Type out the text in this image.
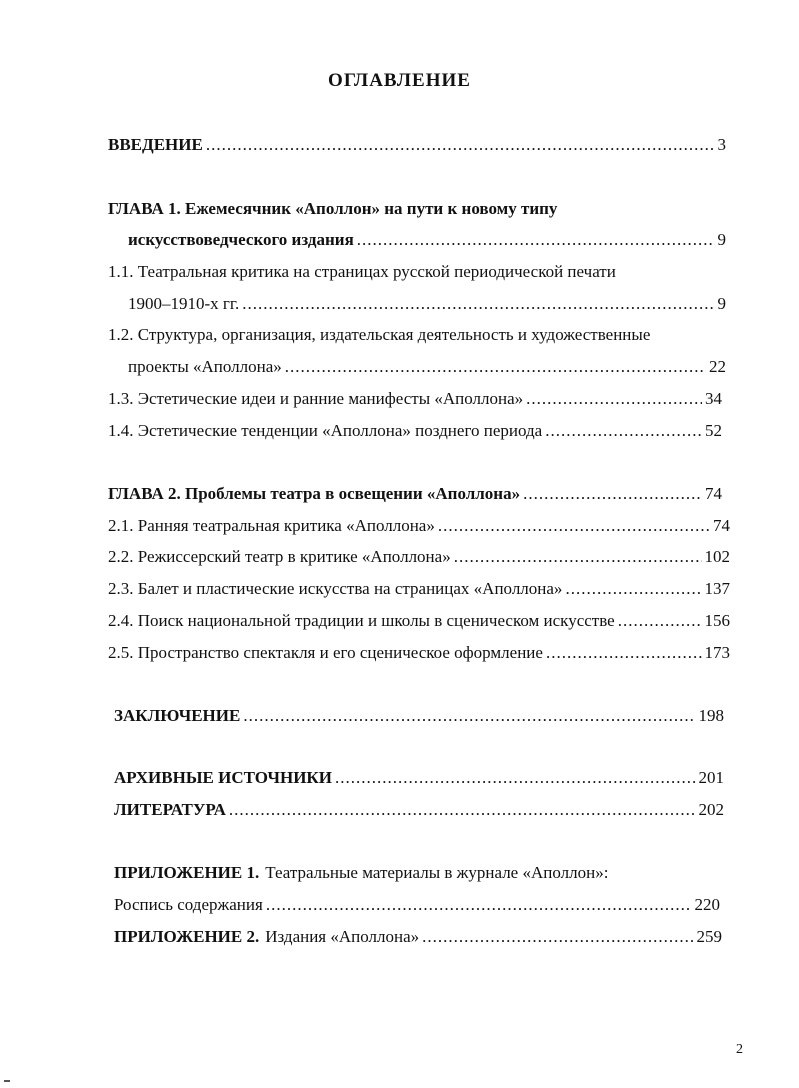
ОГЛАВЛЕНИЕ
ВВЕДЕНИЕ .....	3
ГЛАВА 1. Ежемесячник «Аполлон» на пути к новому типу
искусствоведческого издания .....	9
1.1. Театральная критика на страницах русской периодической печати
1900–1910-х гг. .....	9
1.2. Структура, организация, издательская деятельность и художественные
проекты «Аполлона» .....	22
1.3. Эстетические идеи и ранние манифесты «Аполлона» .....	34
1.4. Эстетические тенденции «Аполлона» позднего периода .....	52
ГЛАВА 2. Проблемы театра в освещении «Аполлона» .....	74
2.1. Ранняя театральная критика «Аполлона» .....	74
2.2. Режиссерский театр в критике «Аполлона» .....	102
2.3. Балет и пластические искусства на страницах «Аполлона» .....	137
2.4. Поиск национальной традиции и школы в сценическом искусстве .....	156
2.5. Пространство спектакля и его сценическое оформление .....	173
ЗАКЛЮЧЕНИЕ .....	198
АРХИВНЫЕ ИСТОЧНИКИ .....	201
ЛИТЕРАТУРА .....	202
ПРИЛОЖЕНИЕ 1. Театральные материалы в журнале «Аполлон»:
Роспись содержания .....	220
ПРИЛОЖЕНИЕ 2. Издания «Аполлона» .....	259
2
